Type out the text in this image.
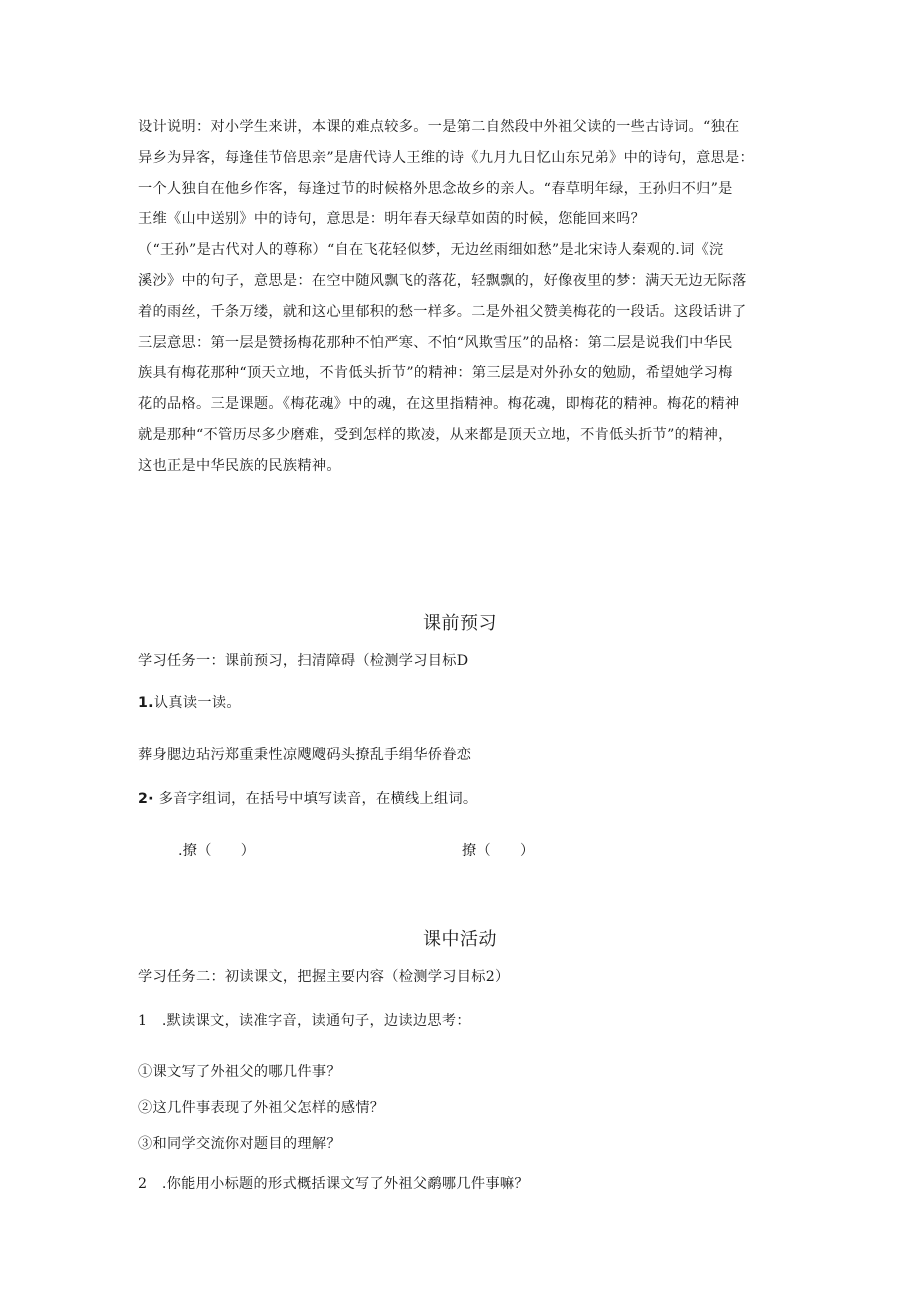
设计说明：对小学生来讲，本课的难点较多。一是第二自然段中外祖父读的一些古诗词。“独在
异乡为异客，每逢佳节倍思亲”是唐代诗人王维的诗《九月九日忆山东兄弟》中的诗句，意思是：
一个人独自在他乡作客，每逢过节的时候格外思念故乡的亲人。“春草明年绿，王孙归不归”是
王维《山中送别》中的诗句，意思是：明年春天绿草如茵的时候，您能回来吗？
（“王孙”是古代对人的尊称）“自在飞花轻似梦，无边丝雨细如愁”是北宋诗人秦观的.词《浣
溪沙》中的句子，意思是：在空中随风飘飞的落花，轻飘飘的，好像夜里的梦：满天无边无际落
着的雨丝，千条万缕，就和这心里郁积的愁一样多。二是外祖父赞美梅花的一段话。这段话讲了
三层意思：第一层是赞扬梅花那种不怕严寒、不怕“风欺雪压”的品格：第二层是说我们中华民
族具有梅花那种“顶天立地，不肯低头折节”的精神：第三层是对外孙女的勉励，希望她学习梅
花的品格。三是课题。《梅花魂》中的魂，在这里指精神。梅花魂，即梅花的精神。梅花的精神
就是那种“不管历尽多少磨难，受到怎样的欺凌，从来都是顶天立地，不肯低头折节”的精神，
这也正是中华民族的民族精神。
课前预习
学习任务一：课前预习，扫清障碍（检测学习目标D
1.认真读一读。
葬身腮边玷污郑重秉性凉飕飕码头撩乱手绢华侨眷恋
2· 多音字组词，在括号中填写读音，在横线上组词。
.撩（　　）	撩（　　）
课中活动
学习任务二：初读课文，把握主要内容（检测学习目标2）
1　.默读课文，读准字音，读通句子，边读边思考：
①课文写了外祖父的哪几件事？
②这几件事表现了外祖父怎样的感情？
③和同学交流你对题目的理解？
2　.你能用小标题的形式概括课文写了外祖父鹬哪几件事嘛？
